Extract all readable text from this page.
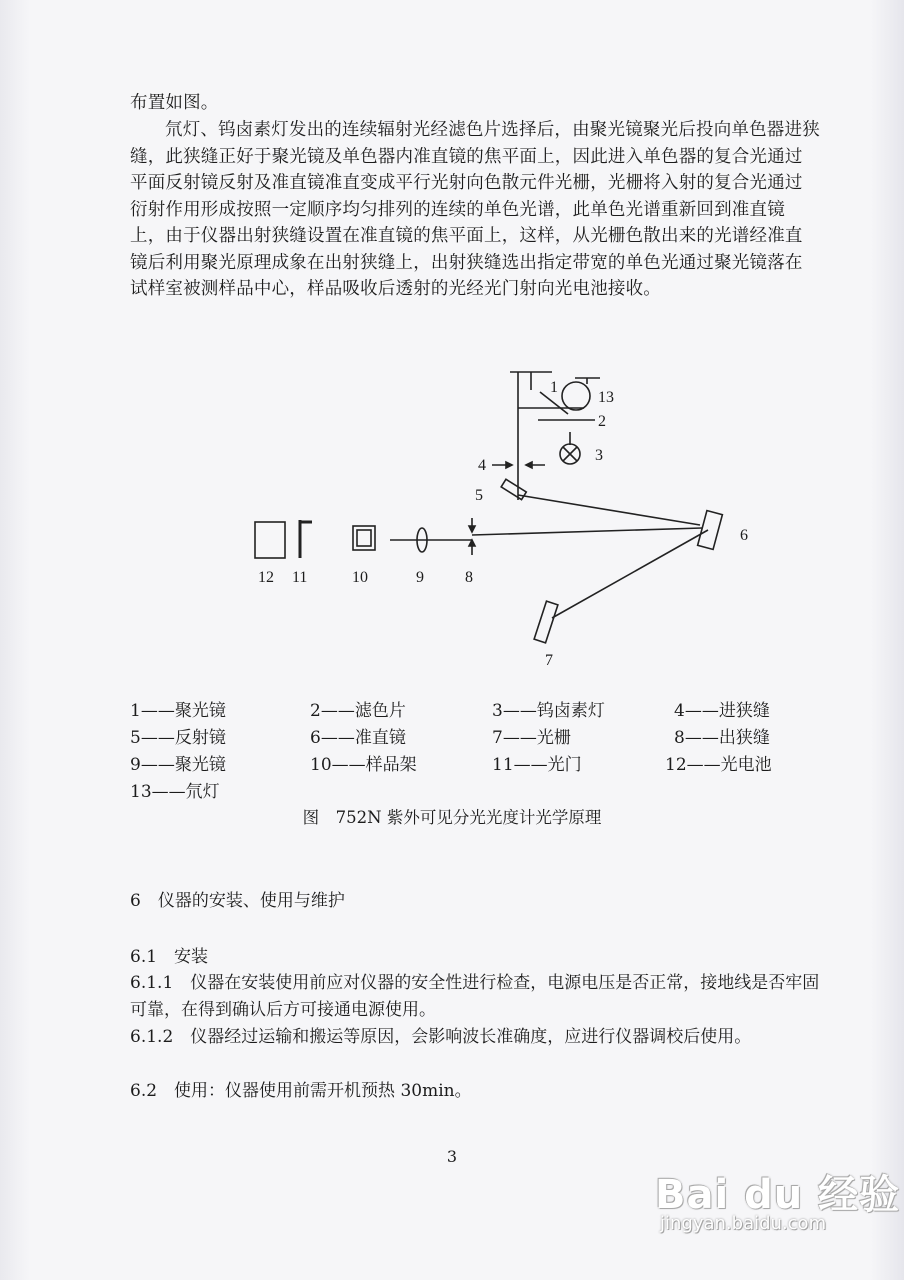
布置如图。
氘灯、钨卤素灯发出的连续辐射光经滤色片选择后，由聚光镜聚光后投向单色器进狭缝，此狭缝正好于聚光镜及单色器内准直镜的焦平面上，因此进入单色器的复合光通过平面反射镜反射及准直镜准直变成平行光射向色散元件光栅，光栅将入射的复合光通过衍射作用形成按照一定顺序均匀排列的连续的单色光谱，此单色光谱重新回到准直镜上，由于仪器出射狭缝设置在准直镜的焦平面上，这样，从光栅色散出来的光谱经准直镜后利用聚光原理成象在出射狭缝上，出射狭缝选出指定带宽的单色光通过聚光镜落在试样室被测样品中心，样品吸收后透射的光经光门射向光电池接收。
1
13
2
3
4
5
6
7
8
9
10
11
12
1——聚光镜	2——滤色片	3——钨卤素灯	4——进狭缝
5——反射镜	6——准直镜	7——光栅	8——出狭缝
9——聚光镜	10——样品架	11——光门	12——光电池
13——氘灯
图　752N 紫外可见分光光度计光学原理
6　仪器的安装、使用与维护
6.1　安装
6.1.1　仪器在安装使用前应对仪器的安全性进行检查，电源电压是否正常，接地线是否牢固可靠，在得到确认后方可接通电源使用。
6.1.2　仪器经过运输和搬运等原因，会影响波长准确度，应进行仪器调校后使用。
6.2　使用：仪器使用前需开机预热 30min。
3
Bai du 经验
jingyan.baidu.com
